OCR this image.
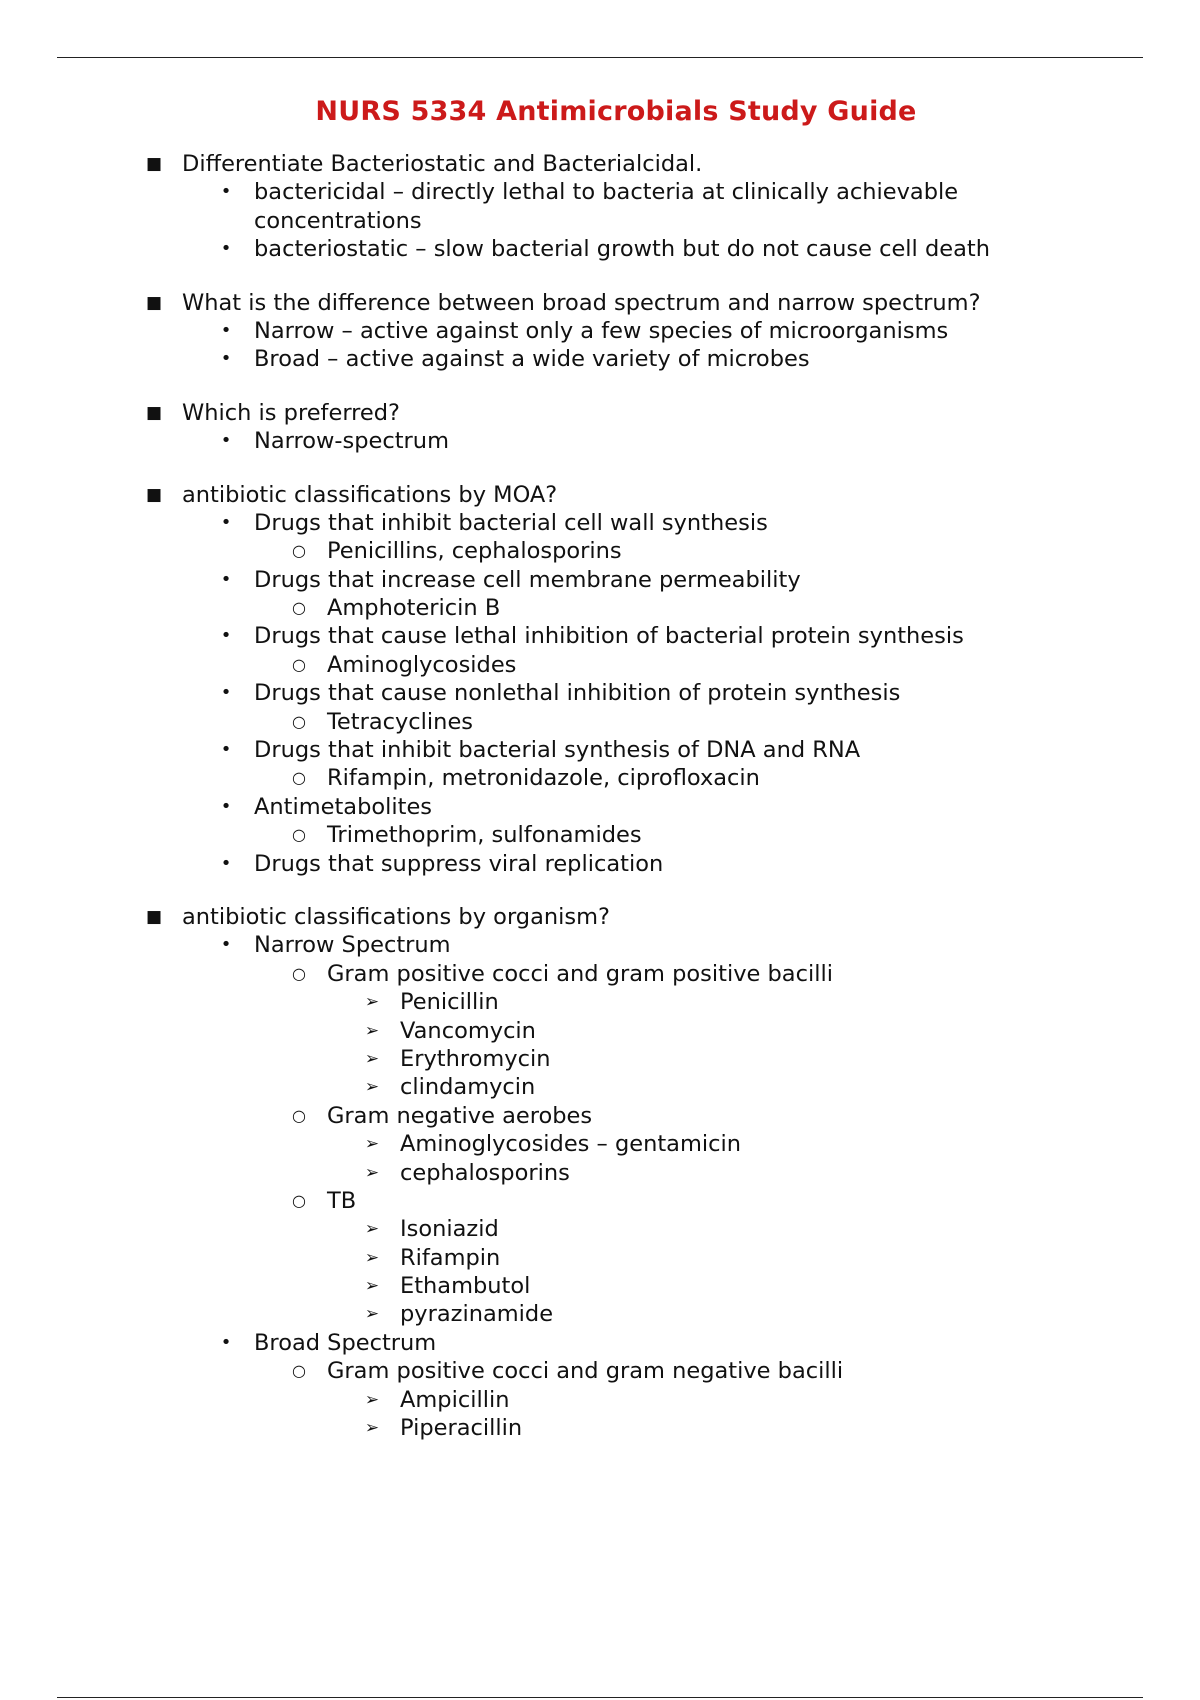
NURS 5334 Antimicrobials Study Guide
■ Differentiate Bacteriostatic and Bacterialcidal.
• bactericidal – directly lethal to bacteria at clinically achievable
concentrations
• bacteriostatic – slow bacterial growth but do not cause cell death
■ What is the difference between broad spectrum and narrow spectrum?
• Narrow – active against only a few species of microorganisms
• Broad – active against a wide variety of microbes
■ Which is preferred?
• Narrow-spectrum
■ antibiotic classifications by MOA?
• Drugs that inhibit bacterial cell wall synthesis
○ Penicillins, cephalosporins
• Drugs that increase cell membrane permeability
○ Amphotericin B
• Drugs that cause lethal inhibition of bacterial protein synthesis
○ Aminoglycosides
• Drugs that cause nonlethal inhibition of protein synthesis
○ Tetracyclines
• Drugs that inhibit bacterial synthesis of DNA and RNA
○ Rifampin, metronidazole, ciprofloxacin
• Antimetabolites
○ Trimethoprim, sulfonamides
• Drugs that suppress viral replication
■ antibiotic classifications by organism?
• Narrow Spectrum
○ Gram positive cocci and gram positive bacilli
➢ Penicillin
➢ Vancomycin
➢ Erythromycin
➢ clindamycin
○ Gram negative aerobes
➢ Aminoglycosides – gentamicin
➢ cephalosporins
○ TB
➢ Isoniazid
➢ Rifampin
➢ Ethambutol
➢ pyrazinamide
• Broad Spectrum
○ Gram positive cocci and gram negative bacilli
➢ Ampicillin
➢ Piperacillin
